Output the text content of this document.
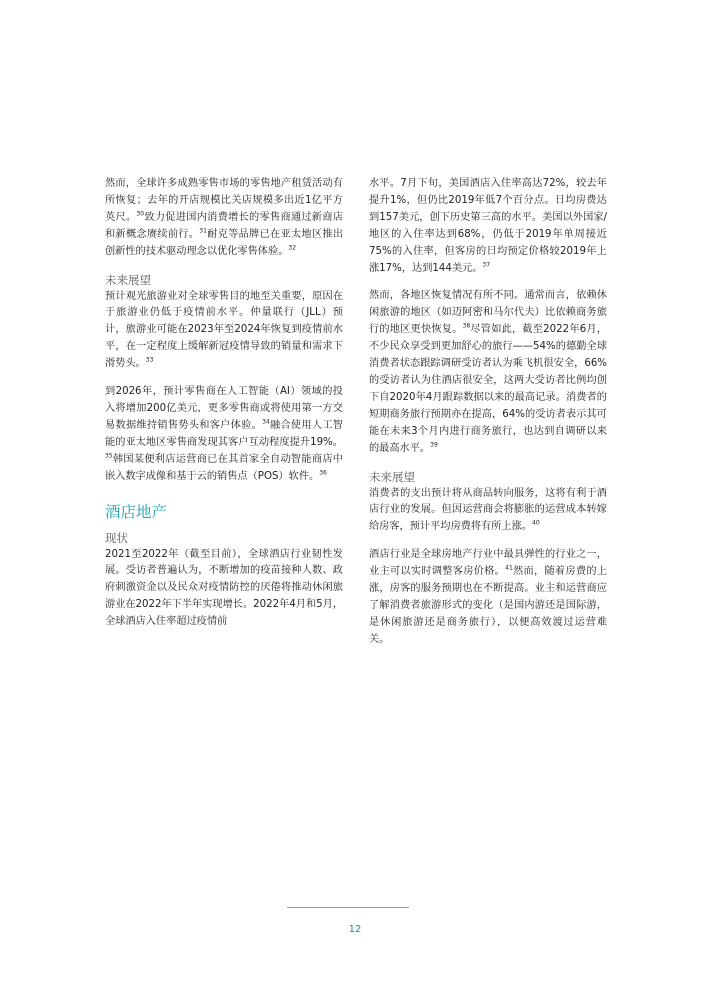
然而，全球许多成熟零售市场的零售地产租赁活动有所恢复；去年的开店规模比关店规模多出近1亿平方英尺。$^{30}$致力促进国内消费增长的零售商通过新商店和新概念赓续前行。$^{31}$耐克等品牌已在亚太地区推出创新性的技术驱动理念以优化零售体验。$^{32}$

未来展望

预计观光旅游业对全球零售目的地至关重要，原因在于旅游业仍低于疫情前水平。仲量联行（JLL）预计，旅游业可能在2023年至2024年恢复到疫情前水平，在一定程度上缓解新冠疫情导致的销量和需求下滑势头。$^{33}$

到2026年，预计零售商在人工智能（AI）领域的投入将增加200亿美元，更多零售商或将使用第一方交易数据维持销售势头和客户体验。$^{34}$融合使用人工智能的亚太地区零售商发现其客户互动程度提升19%。$^{35}$韩国某便利店运营商已在其首家全自动智能商店中嵌入数字成像和基于云的销售点（POS）软件。$^{36}$

酒店地产
现状

2021至2022年（截至目前），全球酒店行业韧性发展。受访者普遍认为，不断增加的疫苗接种人数、政府刺激资金以及民众对疫情防控的厌倦将推动休闲旅游业在2022年下半年实现增长。2022年4月和5月，全球酒店入住率超过疫情前

水平。7月下旬，美国酒店入住率高达72%，较去年提升1%，但仍比2019年低7个百分点。日均房费达到157美元，创下历史第三高的水平。美国以外国家/地区的入住率达到68%，仍低于2019年单周接近75%的入住率，但客房的日均预定价格较2019年上涨17%，达到144美元。$^{37}$

然而，各地区恢复情况有所不同。通常而言，依赖休闲旅游的地区（如迈阿密和马尔代夫）比依赖商务旅行的地区更快恢复。$^{38}$尽管如此，截至2022年6月，不少民众享受到更加舒心的旅行——54%的德勤全球消费者状态跟踪调研受访者认为乘飞机很安全，66%的受访者认为住酒店很安全，这两大受访者比例均创下自2020年4月跟踪数据以来的最高记录。消费者的短期商务旅行预期亦在提高，64%的受访者表示其可能在未来3个月内进行商务旅行，也达到自调研以来的最高水平。$^{39}$

未来展望

消费者的支出预计将从商品转向服务，这将有利于酒店行业的发展。但因运营商会将膨胀的运营成本转嫁给房客，预计平均房费将有所上涨。$^{40}$

酒店行业是全球房地产行业中最具弹性的行业之一，业主可以实时调整客房价格。$^{41}$然而，随着房费的上涨，房客的服务预期也在不断提高。业主和运营商应了解消费者旅游形式的变化（是国内游还是国际游，是休闲旅游还是商务旅行），以便高效渡过运营难关。

12
